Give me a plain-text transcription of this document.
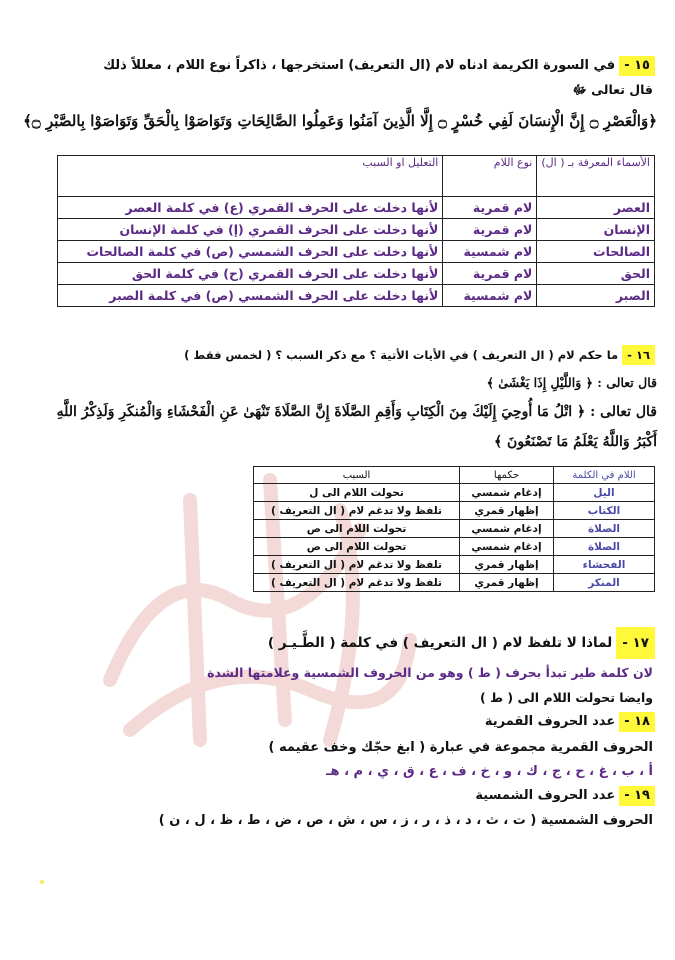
١٥ -في السورة الكريمة ادناه لام (ال التعريف) استخرجها ، ذاكراً نوع اللام ، معللاً ذلك
قال تعالى ﷻ
﴿وَالْعَصْرِ ۝ إِنَّ الْإِنسَانَ لَفِي خُسْرٍ ۝ إِلَّا الَّذِينَ آمَنُوا وَعَمِلُوا الصَّالِحَاتِ وَتَوَاصَوْا بِالْحَقِّ وَتَوَاصَوْا بِالصَّبْرِ ۝﴾
الأسماء المعرفة بـ ( ال)	نوع اللام	التعليل او السبب
العصر	لام قمرية	لأنها دخلت على الحرف القمري (ع) في كلمة العصر
الإنسان	لام قمرية	لأنها دخلت على الحرف القمري (إ) في كلمة الإنسان
الصالحات	لام شمسية	لأنها دخلت على الحرف الشمسي (ص) في كلمة الصالحات
الحق	لام قمرية	لأنها دخلت على الحرف القمري (ح) في كلمة الحق
الصبر	لام شمسية	لأنها دخلت على الحرف الشمسي (ص) في كلمة الصبر
١٦ -ما حكم لام ( ال التعريف ) في الأيات الأتية ؟ مع ذكر السبب ؟ ( لخمس فقط )
قال تعالى : ﴿ وَاللَّيْلِ إِذَا يَغْشَىٰ ﴾
قال تعالى : ﴿ اتْلُ مَا أُوحِيَ إِلَيْكَ مِنَ الْكِتَابِ وَأَقِمِ الصَّلَاةَ إِنَّ الصَّلَاةَ تَنْهَىٰ عَنِ الْفَحْشَاءِ وَالْمُنكَرِ وَلَذِكْرُ اللَّهِ
أَكْبَرُ وَاللَّهُ يَعْلَمُ مَا تَصْنَعُونَ ﴾
اللام في الكلمة	حكمها	السبب
اليل	إدغام شمسي	تحولت اللام الى ل
الكتاب	إظهار قمري	تلفظ ولا تدغم لام ( ال التعريف )
الصلاة	إدغام شمسي	تحولت اللام الى ص
الصلاة	إدغام شمسي	تحولت اللام الى ص
الفحشاء	إظهار قمري	تلفظ ولا تدغم لام ( ال التعريف )
المنكر	إظهار قمري	تلفظ ولا تدغم لام ( ال التعريف )
١٧ -لماذا لا تلفظ لام ( ال التعريف ) في كلمة ( الطَّـيـر )
لان كلمة طير تبدأ بحرف ( ط ) وهو من الحروف الشمسية وعلامتها الشدة
وايضا تحولت اللام الى ( ط )
١٨ -عدد الحروف القمرية
الحروف القمرية مجموعة في عبارة ( ابغ حجّك وخف عقيمه )
أ ، ب ، غ ، ح ، ج ، ك ، و ، خ ، ف ، ع ، ق ، ي ، م ، هـ
١٩ -عدد الحروف الشمسية
الحروف الشمسية ( ت ، ث ، د ، ذ ، ر ، ز ، س ، ش ، ص ، ض ، ط ، ظ ، ل ، ن )
